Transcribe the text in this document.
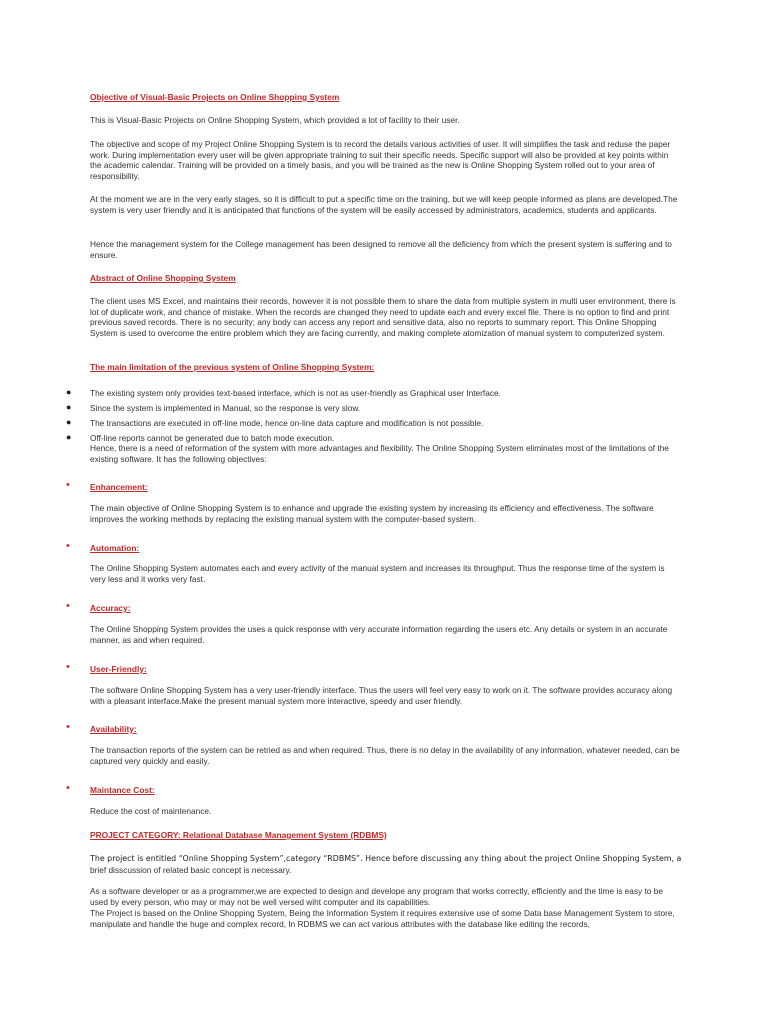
Objective of Visual-Basic Projects on Online Shopping System

This is Visual-Basic Projects on Online Shopping System, which provided a lot of facility to their user.

The objective and scope of my Project Online Shopping System is to record the details various activities of user. It will simplifies the task and reduse the paper work. During implementation every user will be given appropriate training to suit their specific needs. Specific support will also be provided at key points within the academic calendar. Training will be provided on a timely basis, and you will be trained as the new is Online Shopping System rolled out to your area of responsibility.

At the moment we are in the very early stages, so it is difficult to put a specific time on the training, but we will keep people informed as plans are developed.The system is very user friendly and it is anticipated that functions of the system will be easily accessed by administrators, academics, students and applicants.

Hence the management system for the College management has been designed to remove all the deficiency from which the present system is suffering and to ensure.

Abstract of Online Shopping System

The client uses MS Excel, and maintains their records, however it is not possible them to share the data from multiple system in multi user environment, there is lot of duplicate work, and chance of mistake. When the records are changed they need to update each and every excel file. There is no option to find and print previous saved records. There is no security; any body can access any report and sensitive data, also no reports to summary report. This Online Shopping System is used to overcome the entire problem which they are facing currently, and making complete atomization of manual system to computerized system.

The main limitation of the previous system of Online Shopping System:

● The existing system only provides text-based interface, which is not as user-friendly as Graphical user Interface.

● Since the system is implemented in Manual, so the response is very slow.

● The transactions are executed in off-line mode, hence on-line data capture and modification is not possible.

● Off-line reports cannot be generated due to batch mode execution.

Hence, there is a need of reformation of the system with more advantages and flexibility. The Online Shopping System eliminates most of the limitations of the existing software. It has the following objectives:

• Enhancement:

The main objective of Online Shopping System is to enhance and upgrade the existing system by increasing its efficiency and effectiveness. The software improves the working methods by replacing the existing manual system with the computer-based system.

• Automation:

The Online Shopping System automates each and every activity of the manual system and increases its throughput. Thus the response time of the system is very less and it works very fast.

• Accuracy:

The Online Shopping System provides the uses a quick response with very accurate information regarding the users etc. Any details or system in an accurate manner, as and when required.

• User-Friendly:

The software Online Shopping System has a very user-friendly interface. Thus the users will feel very easy to work on it. The software provides accuracy along with a pleasant interface.Make the present manual system more interactive, speedy and user friendly.

• Availability:

The transaction reports of the system can be retried as and when required. Thus, there is no delay in the availability of any information, whatever needed, can be captured very quickly and easily.

• Maintance Cost:

Reduce the cost of maintenance.

PROJECT CATEGORY: Relational Database Management System (RDBMS)

The project is entitled “Online Shopping System”,category “RDBMS”. Hence before discussing any thing about the project Online Shopping System, a
brief disscussion of related basic concept is necessary.

As a software developer or as a programmer,we are expected to design and develope any program that works correctly, efficiently and the time is easy to be used by every person, who may or may not be well versed wiht computer and its capabilities.

The Project is based on the Online Shopping System, Being the Information System it requires extensive use of some Data base Management System to store, manipulate and handle the huge and complex record, In RDBMS we can act various attributes with the database like editing the records,
